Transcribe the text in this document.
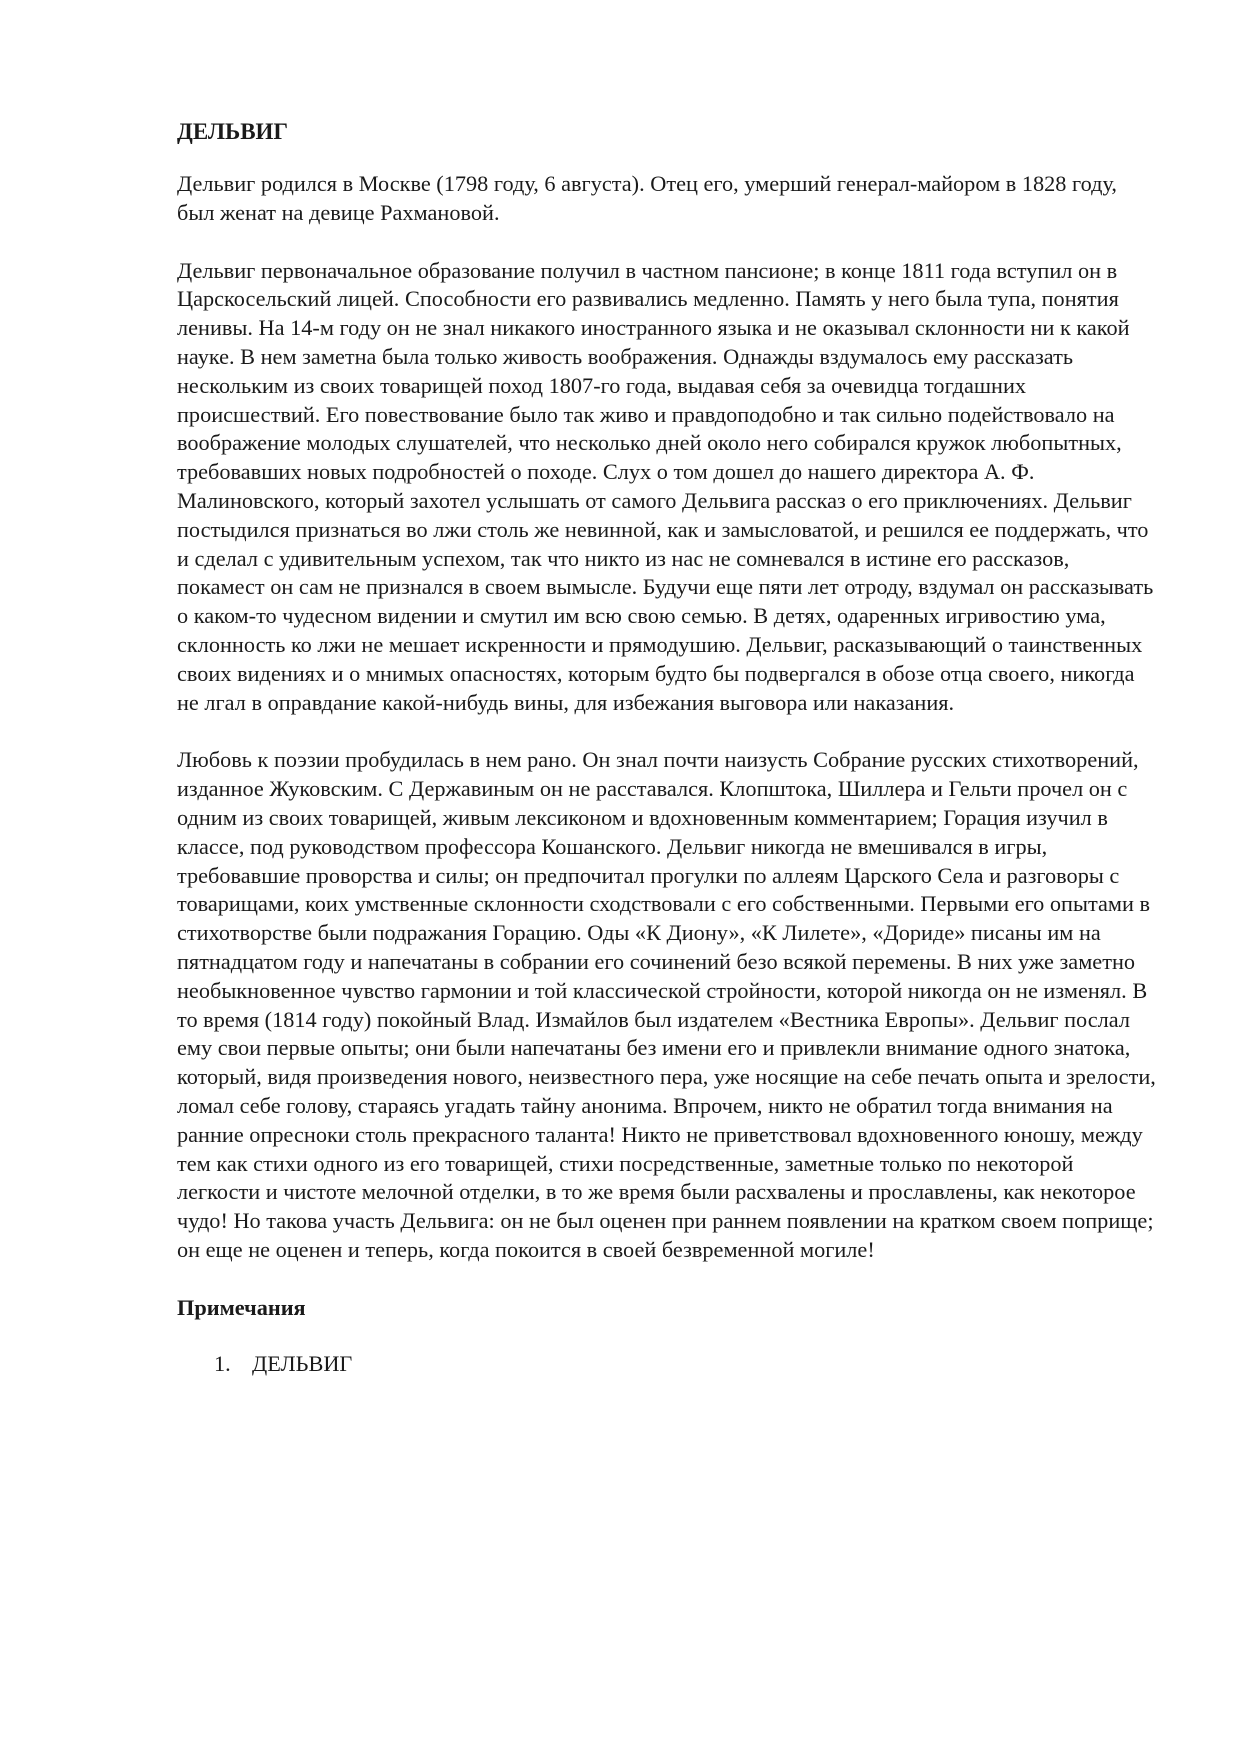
ДЕЛЬВИГ

Дельвиг родился в Москве (1798 году, 6 августа). Отец его, умерший генерал-майором в 1828 году, был женат на девице Рахмановой.

Дельвиг первоначальное образование получил в частном пансионе; в конце 1811 года вступил он в Царскосельский лицей. Способности его развивались медленно. Память у него была тупа, понятия ленивы. На 14-м году он не знал никакого иностранного языка и не оказывал склонности ни к какой науке. В нем заметна была только живость воображения. Однажды вздумалось ему рассказать нескольким из своих товарищей поход 1807-го года, выдавая себя за очевидца тогдашних происшествий. Его повествование было так живо и правдоподобно и так сильно подействовало на воображение молодых слушателей, что несколько дней около него собирался кружок любопытных, требовавших новых подробностей о походе. Слух о том дошел до нашего директора А. Ф. Малиновского, который захотел услышать от самого Дельвига рассказ о его приключениях. Дельвиг постыдился признаться во лжи столь же невинной, как и замысловатой, и решился ее поддержать, что и сделал с удивительным успехом, так что никто из нас не сомневался в истине его рассказов, покамест он сам не признался в своем вымысле. Будучи еще пяти лет отроду, вздумал он рассказывать о каком-то чудесном видении и смутил им всю свою семью. В детях, одаренных игривостию ума, склонность ко лжи не мешает искренности и прямодушию. Дельвиг, расказывающий о таинственных своих видениях и о мнимых опасностях, которым будто бы подвергался в обозе отца своего, никогда не лгал в оправдание какой-нибудь вины, для избежания выговора или наказания.

Любовь к поэзии пробудилась в нем рано. Он знал почти наизусть Собрание русских стихотворений, изданное Жуковским. С Державиным он не расставался. Клопштока, Шиллера и Гельти прочел он с одним из своих товарищей, живым лексиконом и вдохновенным комментарием; Горация изучил в классе, под руководством профессора Кошанского. Дельвиг никогда не вмешивался в игры, требовавшие проворства и силы; он предпочитал прогулки по аллеям Царского Села и разговоры с товарищами, коих умственные склонности сходствовали с его собственными. Первыми его опытами в стихотворстве были подражания Горацию. Оды «К Диону», «К Лилете», «Дориде» писаны им на пятнадцатом году и напечатаны в собрании его сочинений безо всякой перемены. В них уже заметно необыкновенное чувство гармонии и той классической стройности, которой никогда он не изменял. В то время (1814 году) покойный Влад. Измайлов был издателем «Вестника Европы». Дельвиг послал ему свои первые опыты; они были напечатаны без имени его и привлекли внимание одного знатока, который, видя произведения нового, неизвестного пера, уже носящие на себе печать опыта и зрелости, ломал себе голову, стараясь угадать тайну анонима. Впрочем, никто не обратил тогда внимания на ранние опресноки столь прекрасного таланта! Никто не приветствовал вдохновенного юношу, между тем как стихи одного из его товарищей, стихи посредственные, заметные только по некоторой легкости и чистоте мелочной отделки, в то же время были расхвалены и прославлены, как некоторое чудо! Но такова участь Дельвига: он не был оценен при раннем появлении на кратком своем поприще; он еще не оценен и теперь, когда покоится в своей безвременной могиле!

Примечания
1. ДЕЛЬВИГ
